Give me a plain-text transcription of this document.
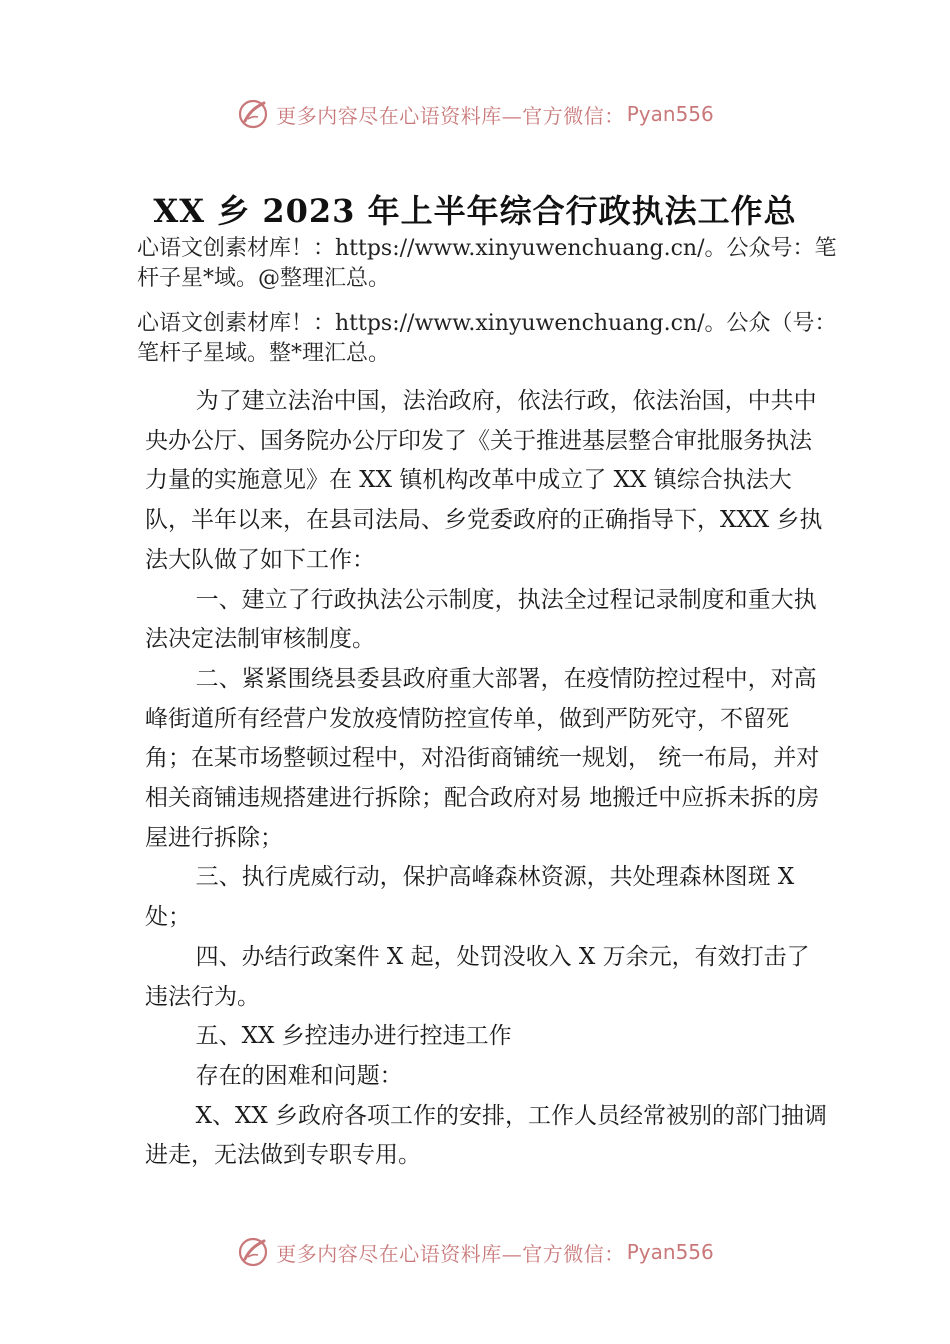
更多内容尽在心语资料库—官方微信： Pyan556
XX 乡 2023 年上半年综合行政执法工作总

心语文创素材库！：https://www.xinyuwenchuang.cn/。公众号：笔杆子星*域。@整理汇总。

心语文创素材库！：https://www.xinyuwenchuang.cn/。公众（号：笔杆子星域。整*理汇总。

为了建立法治中国，法治政府，依法行政，依法治国，中共中央办公厅、国务院办公厅印发了《关于推进基层整合审批服务执法力量的实施意见》在 XX 镇机构改革中成立了 XX 镇综合执法大队，半年以来，在县司法局、乡党委政府的正确指导下，XXX 乡执法大队做了如下工作：

一、建立了行政执法公示制度，执法全过程记录制度和重大执法决定法制审核制度。

二、紧紧围绕县委县政府重大部署，在疫情防控过程中，对高峰街道所有经营户发放疫情防控宣传单，做到严防死守，不留死角；在某市场整顿过程中，对沿街商铺统一规划， 统一布局，并对相关商铺违规搭建进行拆除；配合政府对易 地搬迁中应拆未拆的房屋进行拆除；

三、执行虎威行动，保护高峰森林资源，共处理森林图斑 X 处；

四、办结行政案件 X 起，处罚没收入 X 万余元，有效打击了违法行为。

五、XX 乡控违办进行控违工作

存在的困难和问题：

X、XX 乡政府各项工作的安排，工作人员经常被别的部门抽调进走，无法做到专职专用。

更多内容尽在心语资料库—官方微信： Pyan556
